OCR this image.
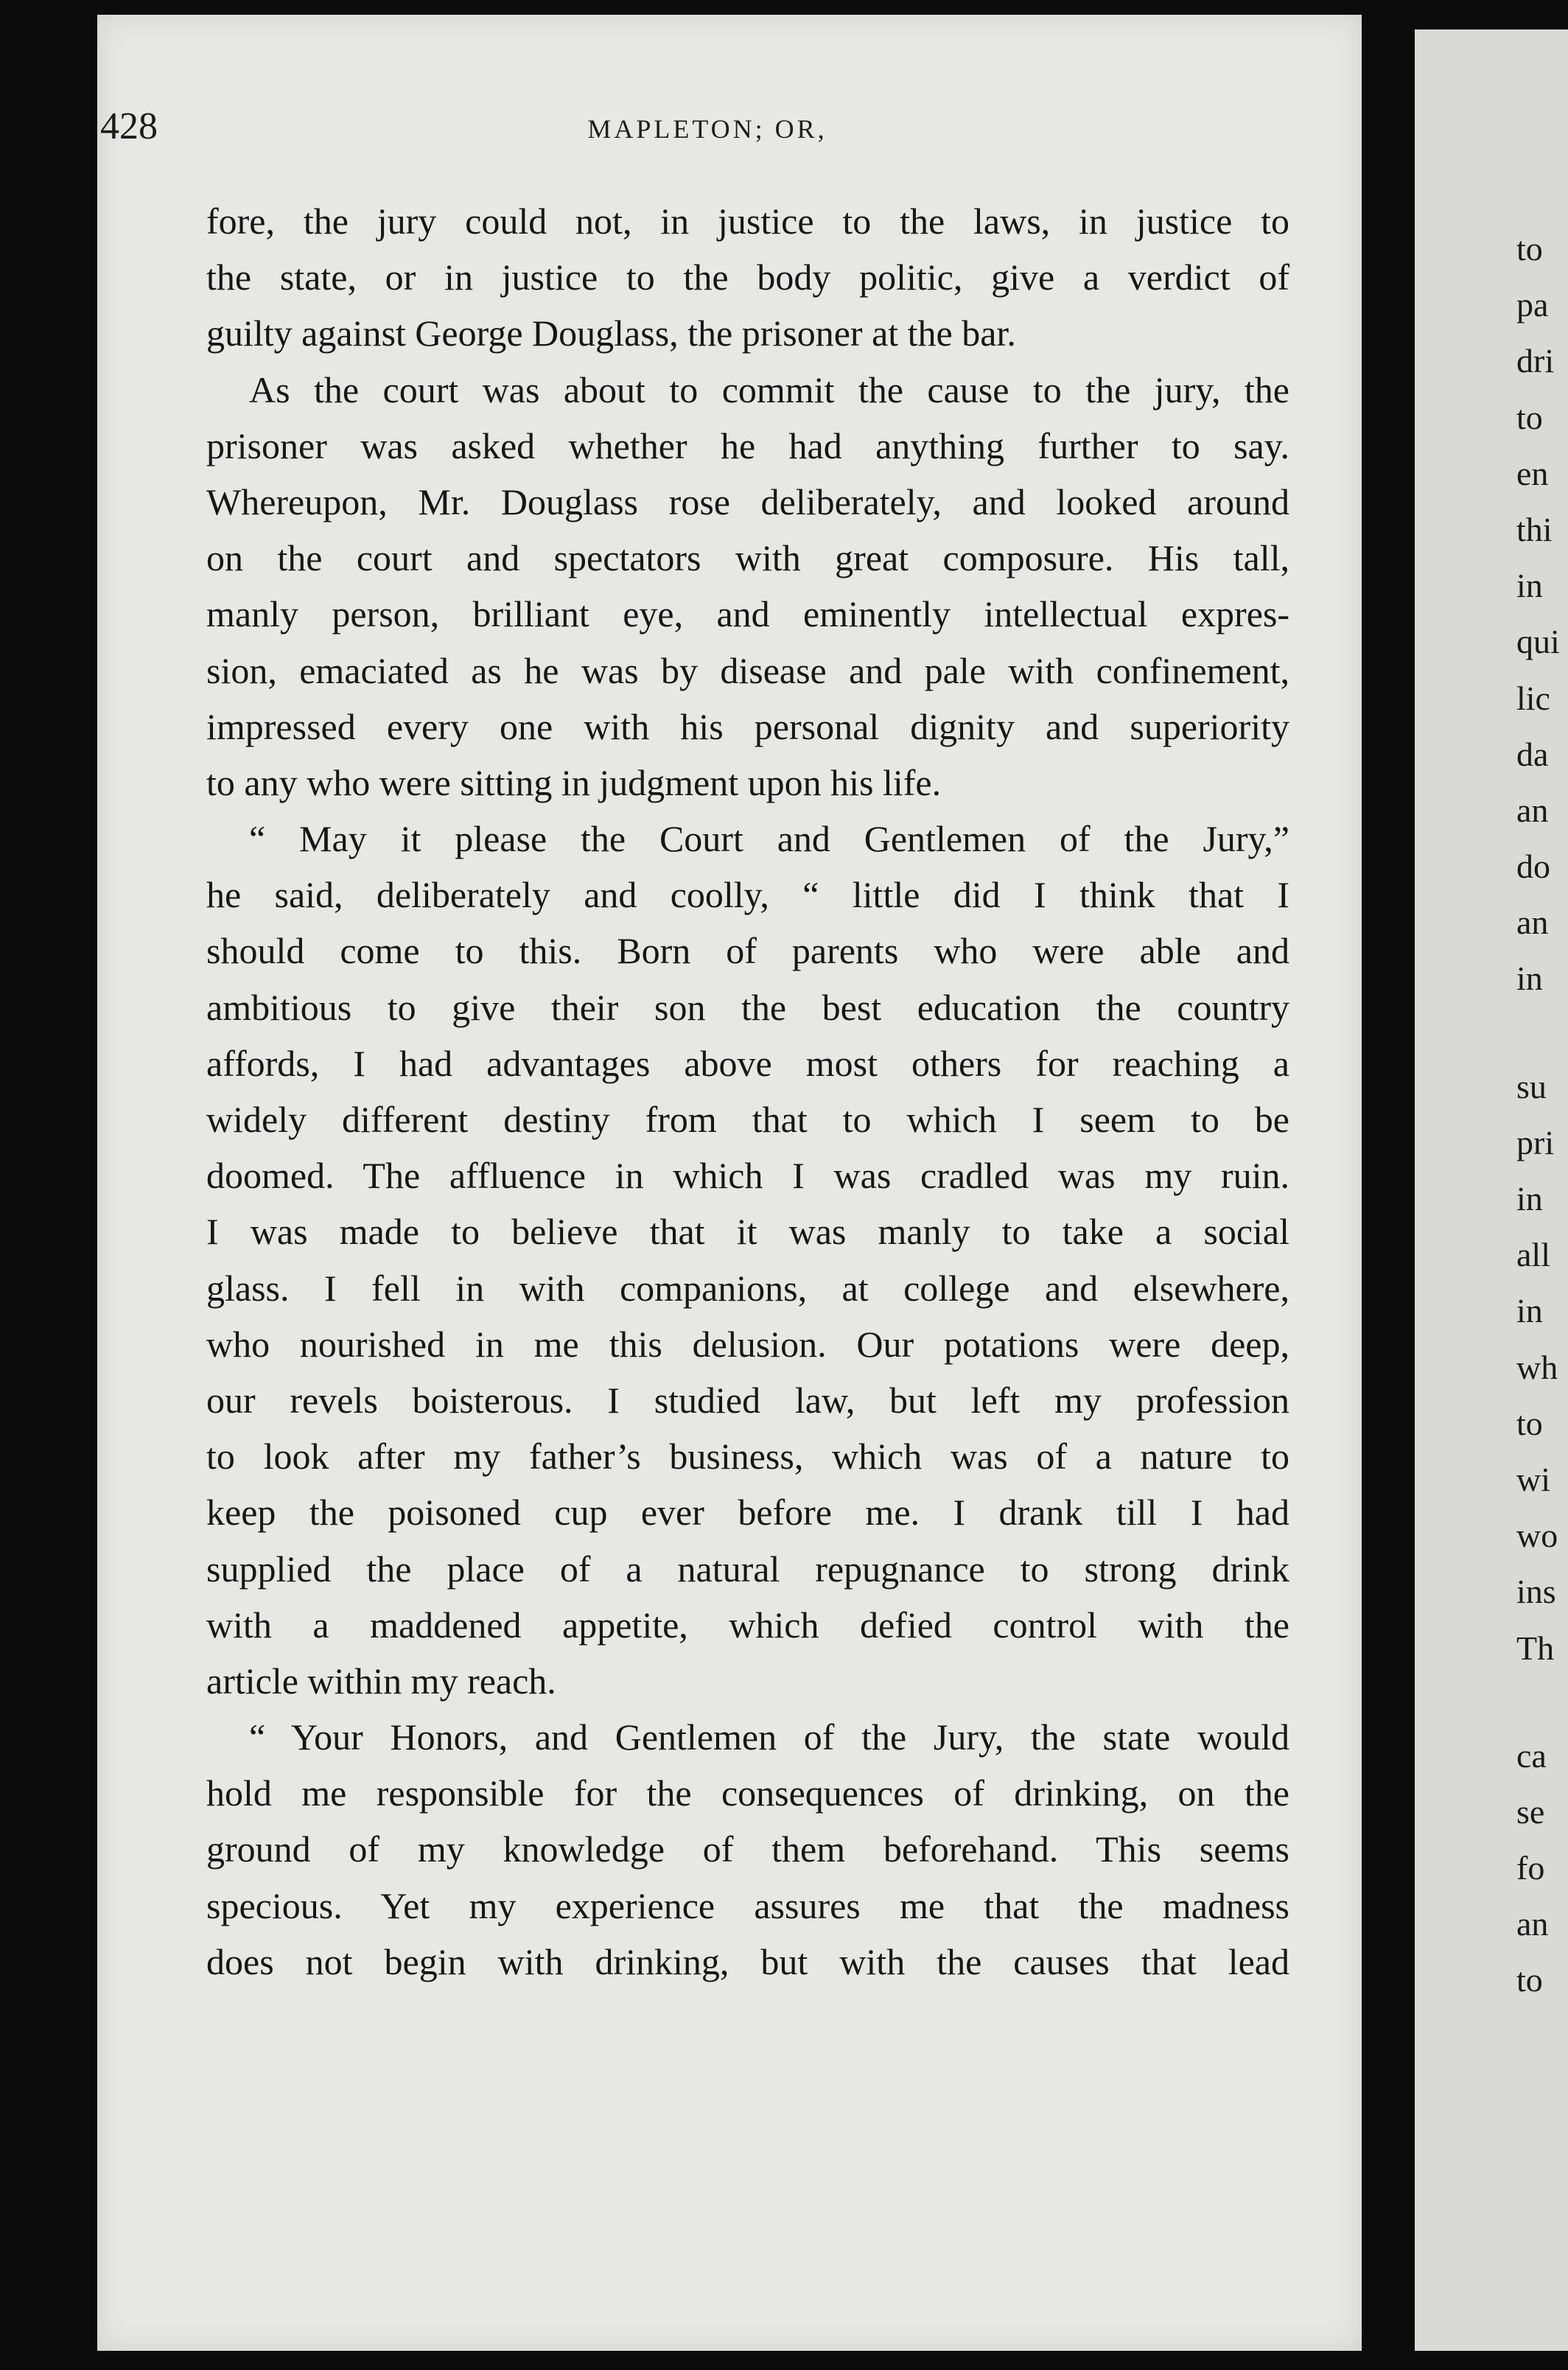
428	MAPLETON; OR,
fore, the jury could not, in justice to the laws, in justice to
the state, or in justice to the body politic, give a verdict of
guilty against George Douglass, the prisoner at the bar.
As the court was about to commit the cause to the jury, the
prisoner was asked whether he had anything further to say.
Whereupon, Mr. Douglass rose deliberately, and looked around
on the court and spectators with great composure. His tall,
manly person, brilliant eye, and eminently intellectual expres-
sion, emaciated as he was by disease and pale with confinement,
impressed every one with his personal dignity and superiority
to any who were sitting in judgment upon his life.
“ May it please the Court and Gentlemen of the Jury,”
he said, deliberately and coolly, “ little did I think that I
should come to this. Born of parents who were able and
ambitious to give their son the best education the country
affords, I had advantages above most others for reaching a
widely different destiny from that to which I seem to be
doomed. The affluence in which I was cradled was my ruin.
I was made to believe that it was manly to take a social
glass. I fell in with companions, at college and elsewhere,
who nourished in me this delusion. Our potations were deep,
our revels boisterous. I studied law, but left my profession
to look after my father’s business, which was of a nature to
keep the poisoned cup ever before me. I drank till I had
supplied the place of a natural repugnance to strong drink
with a maddened appetite, which defied control with the
article within my reach.
“ Your Honors, and Gentlemen of the Jury, the state would
hold me responsible for the consequences of drinking, on the
ground of my knowledge of them beforehand. This seems
specious. Yet my experience assures me that the madness
does not begin with drinking, but with the causes that lead
to
pa
dri
to
en
thi
in
qui
lic
da
an
do
an
in
su
pri
in
all
in
wh
to
wi
wo
ins
Th
ca
se
fo
an
to
